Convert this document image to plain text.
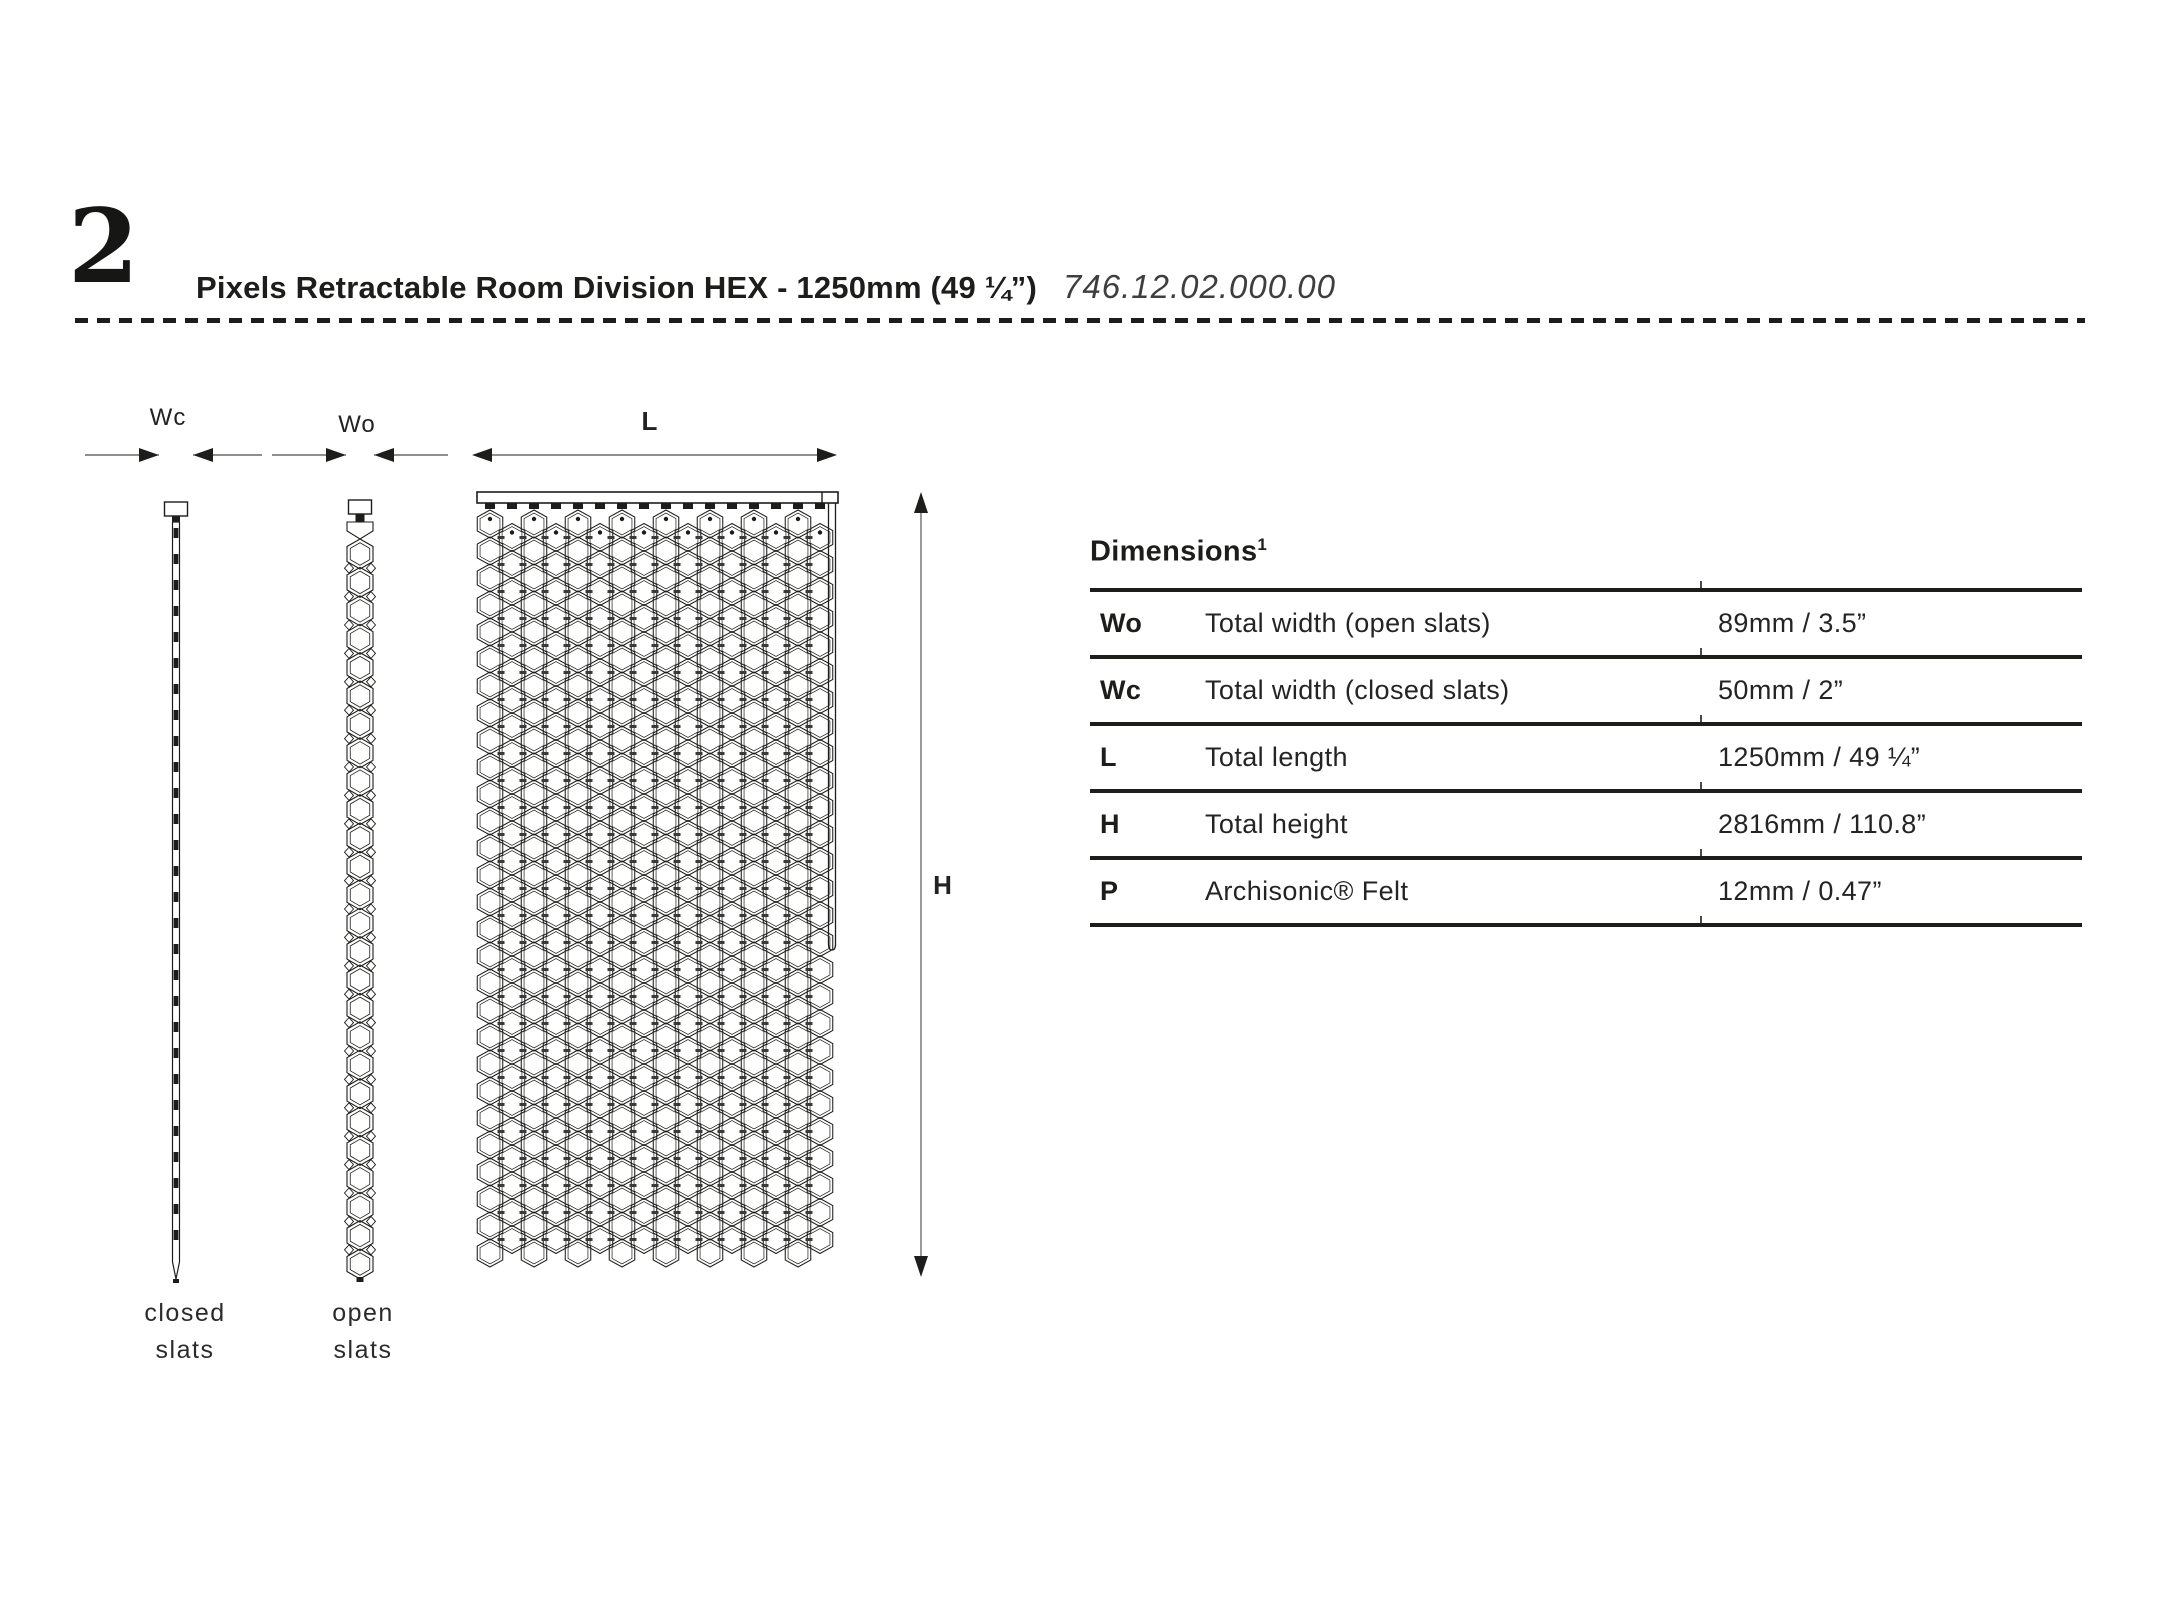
2 Pixels Retractable Room Division HEX - 1250mm (49 ¼”) 746.12.02.000.00
Wc	Wo	L
H
closed
slats
open
slats
Dimensions$^1$
Wo	Total width (open slats)	89mm / 3.5”
Wc	Total width (closed slats)	50mm / 2”
L	Total length	1250mm / 49 ¼”
H	Total height	2816mm / 110.8”
P	Archisonic® Felt	12mm / 0.47”
